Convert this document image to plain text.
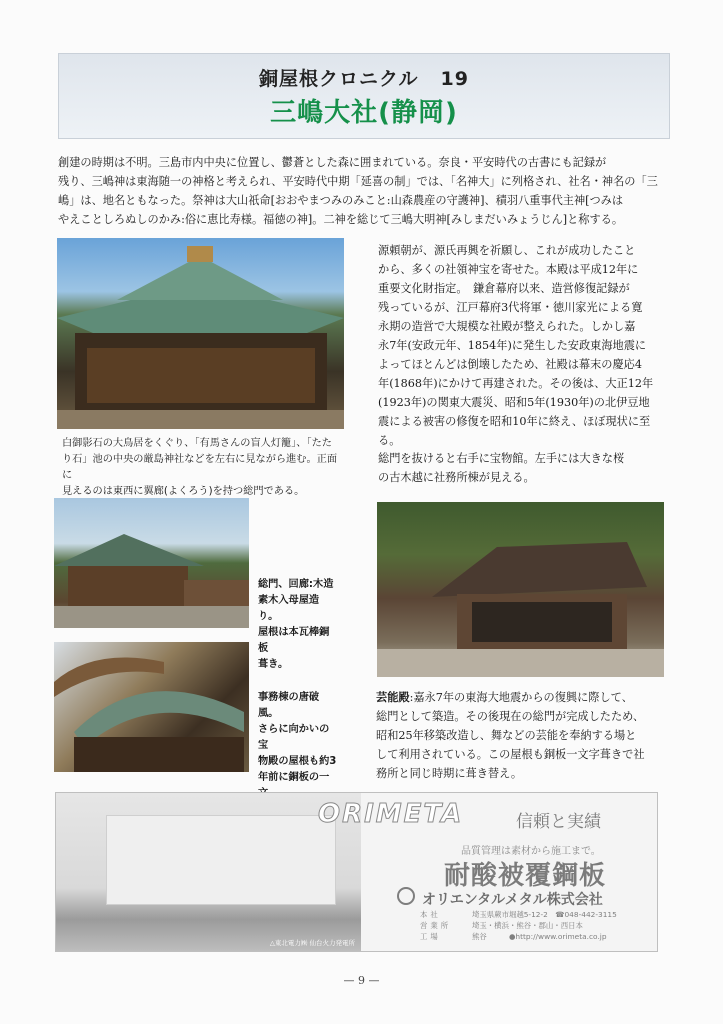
銅屋根クロニクル 19
三嶋大社(静岡)
創建の時期は不明。三島市内中央に位置し、鬱蒼とした森に囲まれている。奈良・平安時代の古書にも記録が
残り、三嶋神は東海随一の神格と考えられ、平安時代中期「延喜の制」では、「名神大」に列格され、社名・神名の「三
嶋」は、地名ともなった。祭神は大山祇命[おおやまつみのみこと:山森農産の守護神]、積羽八重事代主神[つみは
やえことしろぬしのかみ:俗に恵比寿様。福徳の神]。二神を総じて三嶋大明神[みしまだいみょうじん]と称する。
白御影石の大鳥居をくぐり、「有馬さんの盲人灯籠」、「たた
り石」池の中央の厳島神社などを左右に見ながら進む。正面に
見えるのは東西に翼廊(よくろう)を持つ総門である。
源頼朝が、源氏再興を祈願し、これが成功したこと
から、多くの社領神宝を寄せた。本殿は平成12年に
重要文化財指定。　鎌倉幕府以来、造営修復記録が
残っているが、江戸幕府3代将軍・徳川家光による寛
永期の造営で大規模な社殿が整えられた。しかし嘉
永7年(安政元年、1854年)に発生した安政東海地震に
よってほとんどは倒壊したため、社殿は幕末の慶応4
年(1868年)にかけて再建された。その後は、大正12年
(1923年)の関東大震災、昭和5年(1930年)の北伊豆地
震による被害の修復を昭和10年に終え、ほぼ現状に至
る。
総門を抜けると右手に宝物館。左手には大きな桜
の古木越に社務所棟が見える。
総門、回廊:木造
素木入母屋造り。
屋根は本瓦棒銅板
葺き。
事務棟の唐破風。
さらに向かいの宝
物殿の屋根も約3
年前に銅板の一
芸能殿:嘉永7年の東海大地震からの復興に際して、
総門として築造。その後現在の総門が完成したため、
昭和25年移築改造し、舞などの芸能を奉納する場と
して利用されている。この屋根も銅板一文字葺きで社
務所と同じ時期に葺き替え。
△東北電力㈱ 仙台火力発電所
ORIMETA	信頼と実績
品質管理は素材から施工まで。
耐酸被覆鋼板
オリエンタルメタル株式会社
本社	埼玉県蕨市堀越5-12-2　☎048-442-3115
営業所	埼玉・横浜・熊谷・郡山・西日本
工場	熊谷　　　●http://www.orimeta.co.jp
— 9 —
